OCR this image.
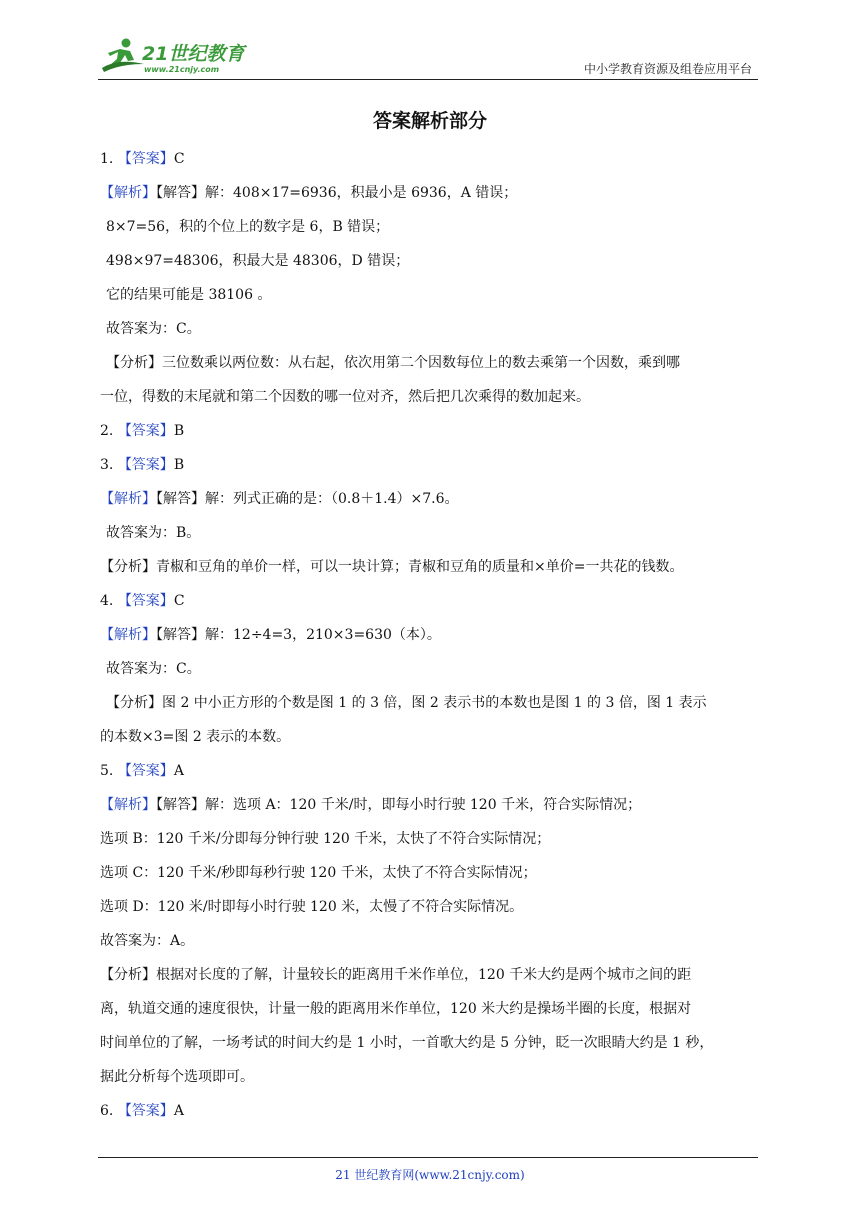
21世纪教育
www.21cnjy.com	中小学教育资源及组卷应用平台
答案解析部分
1. 【答案】C
【解析】【解答】解：408×17=6936，积最小是 6936，A 错误；
8×7=56，积的个位上的数字是 6，B 错误；
498×97=48306，积最大是 48306，D 错误；
它的结果可能是 38106 。
故答案为：C。
【分析】三位数乘以两位数：从右起，依次用第二个因数每位上的数去乘第一个因数，乘到哪
一位，得数的末尾就和第二个因数的哪一位对齐，然后把几次乘得的数加起来。
2. 【答案】B
3. 【答案】B
【解析】【解答】解：列式正确的是：（0.8＋1.4）×7.6。
故答案为：B。
【分析】青椒和豆角的单价一样，可以一块计算；青椒和豆角的质量和×单价=一共花的钱数。
4. 【答案】C
【解析】【解答】解：12÷4=3，210×3=630（本）。
故答案为：C。
【分析】图 2 中小正方形的个数是图 1 的 3 倍，图 2 表示书的本数也是图 1 的 3 倍，图 1 表示
的本数×3=图 2 表示的本数。
5. 【答案】A
【解析】【解答】解：选项 A：120 千米/时，即每小时行驶 120 千米，符合实际情况；
选项 B：120 千米/分即每分钟行驶 120 千米，太快了不符合实际情况；
选项 C：120 千米/秒即每秒行驶 120 千米，太快了不符合实际情况；
选项 D：120 米/时即每小时行驶 120 米，太慢了不符合实际情况。
故答案为：A。
【分析】根据对长度的了解，计量较长的距离用千米作单位，120 千米大约是两个城市之间的距
离，轨道交通的速度很快，计量一般的距离用米作单位，120 米大约是操场半圈的长度，根据对
时间单位的了解，一场考试的时间大约是 1 小时，一首歌大约是 5 分钟，眨一次眼睛大约是 1 秒，
据此分析每个选项即可。
6. 【答案】A
21 世纪教育网(www.21cnjy.com)
